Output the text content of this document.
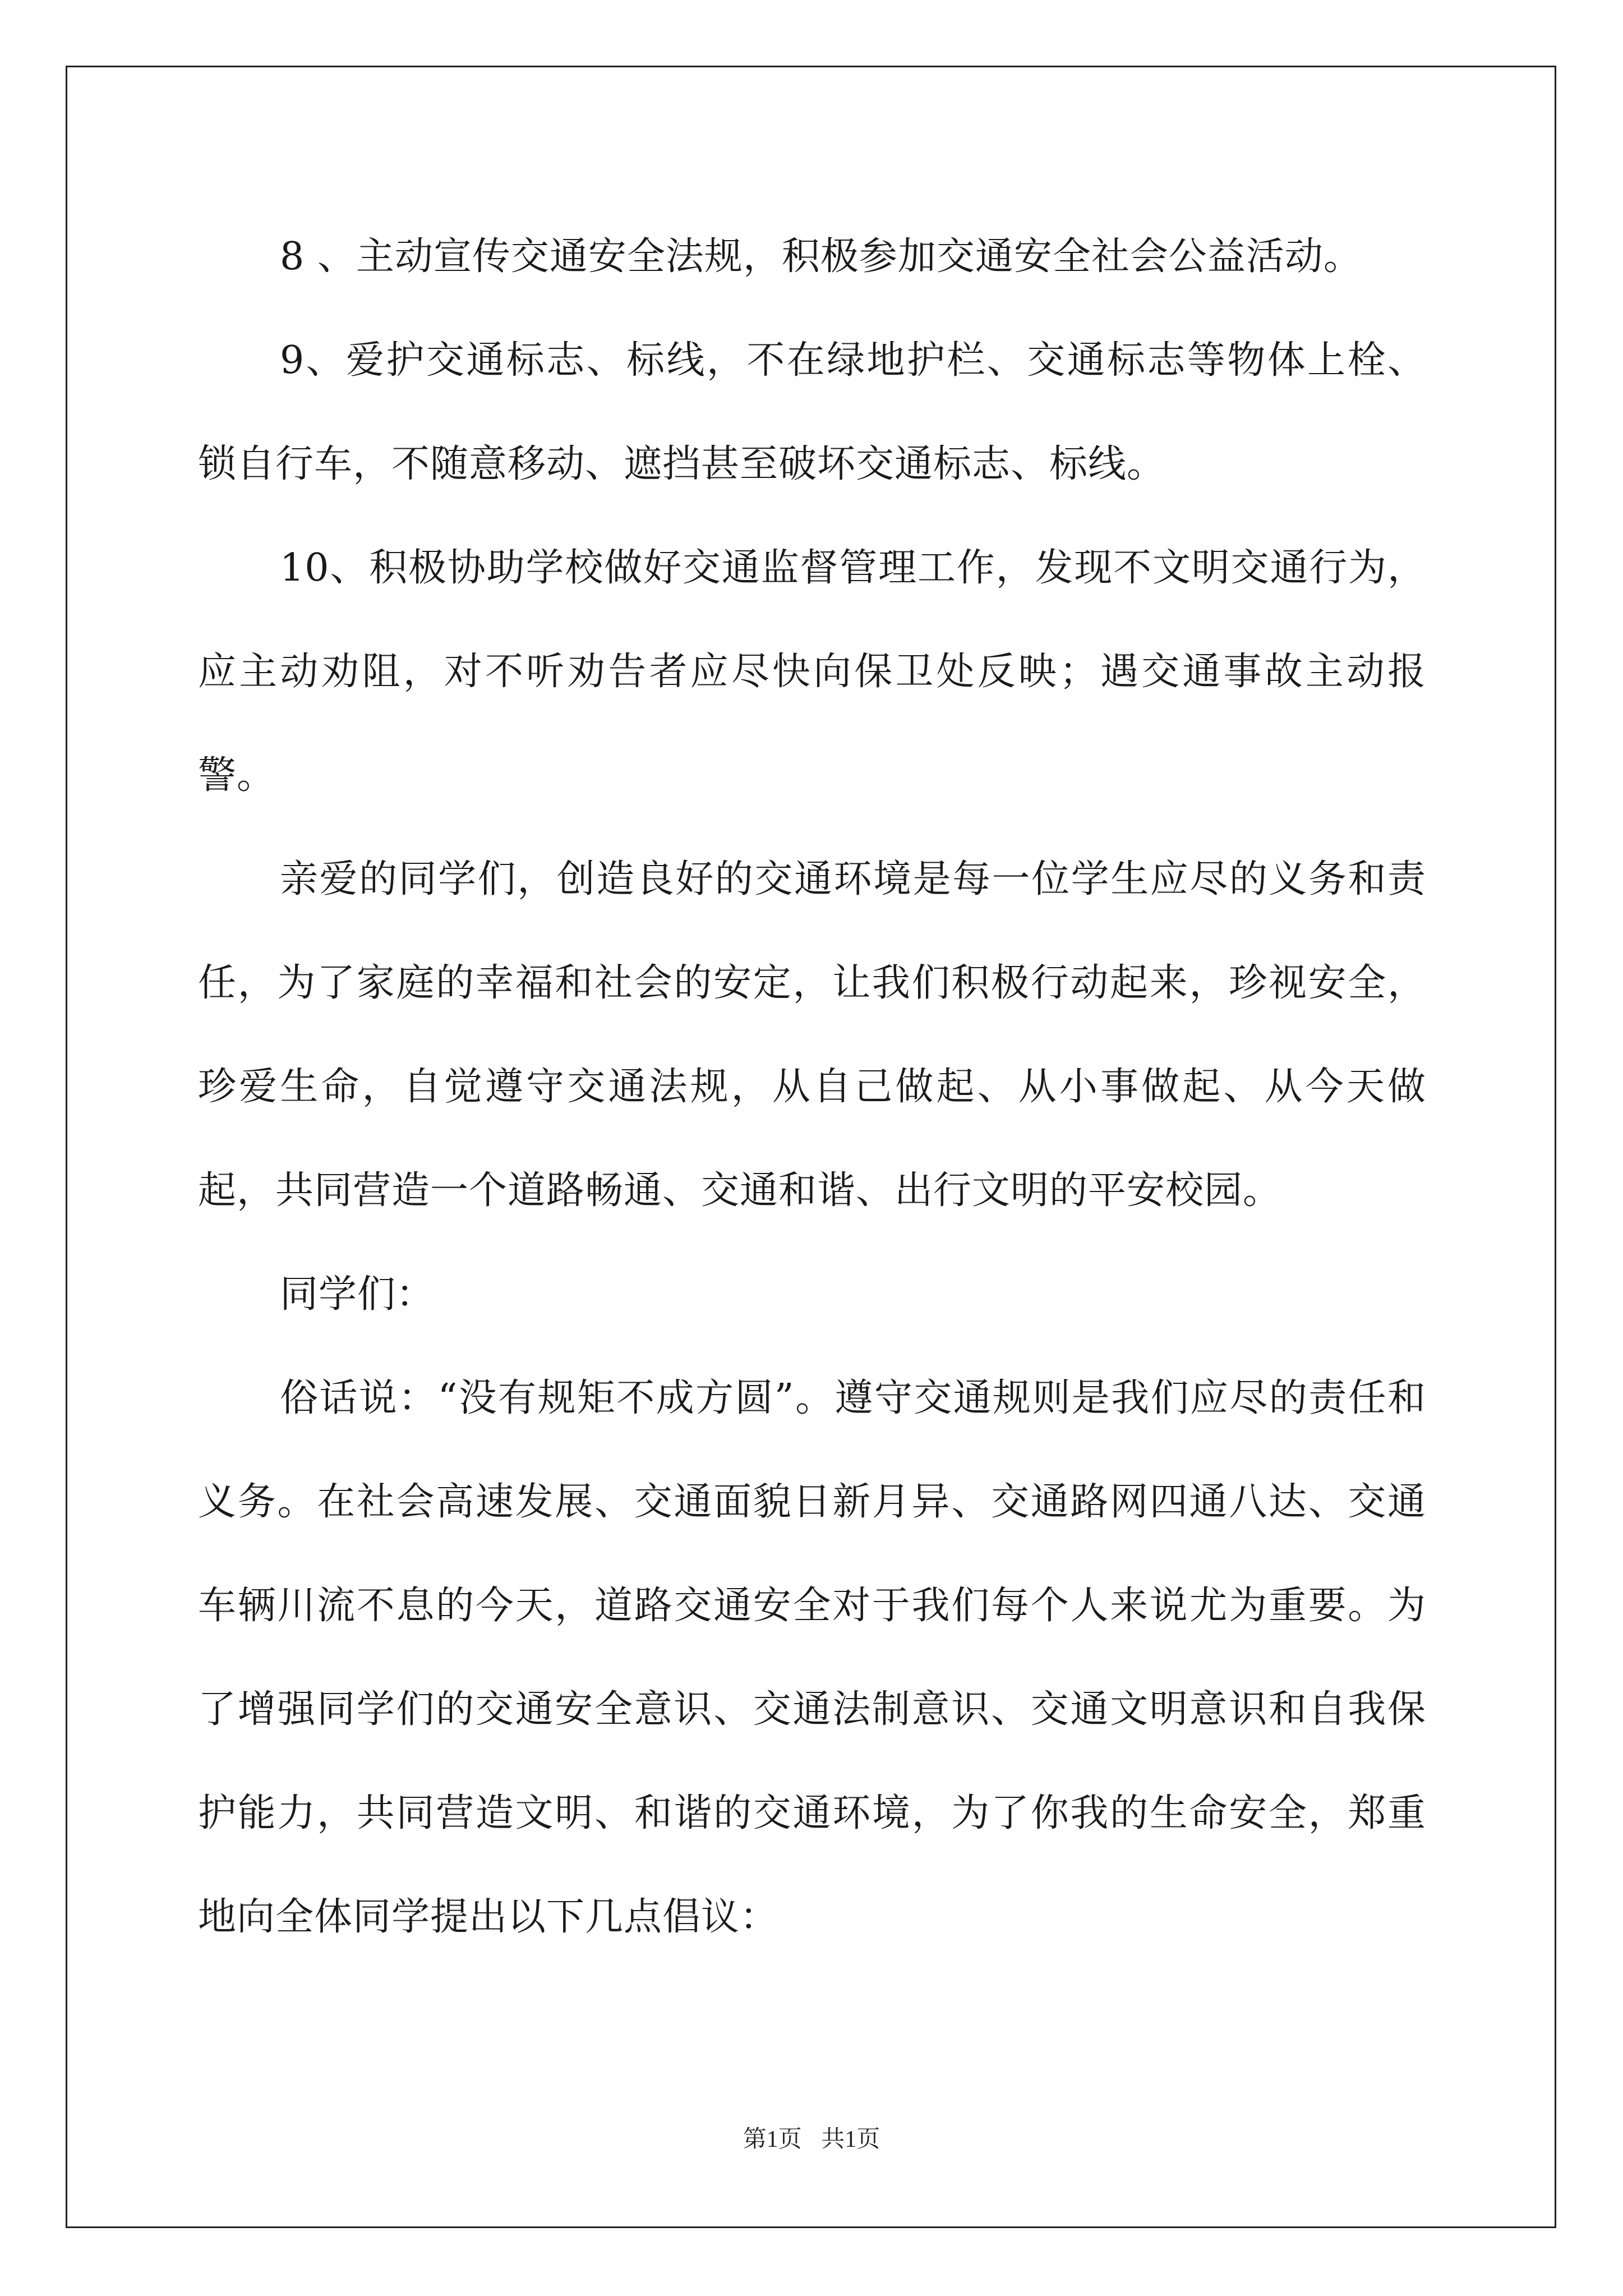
8 、主动宣传交通安全法规，积极参加交通安全社会公益活动。

9、爱护交通标志、标线，不在绿地护栏、交通标志等物体上栓、锁自行车，不随意移动、遮挡甚至破坏交通标志、标线。

10、积极协助学校做好交通监督管理工作，发现不文明交通行为，应主动劝阻，对不听劝告者应尽快向保卫处反映；遇交通事故主动报警。

亲爱的同学们，创造良好的交通环境是每一位学生应尽的义务和责任，为了家庭的幸福和社会的安定，让我们积极行动起来，珍视安全，珍爱生命，自觉遵守交通法规，从自己做起、从小事做起、从今天做起，共同营造一个道路畅通、交通和谐、出行文明的平安校园。

同学们：

俗话说：“没有规矩不成方圆”。遵守交通规则是我们应尽的责任和义务。在社会高速发展、交通面貌日新月异、交通路网四通八达、交通车辆川流不息的今天，道路交通安全对于我们每个人来说尤为重要。为了增强同学们的交通安全意识、交通法制意识、交通文明意识和自我保护能力，共同营造文明、和谐的交通环境，为了你我的生命安全，郑重地向全体同学提出以下几点倡议：

第1页 共1页
